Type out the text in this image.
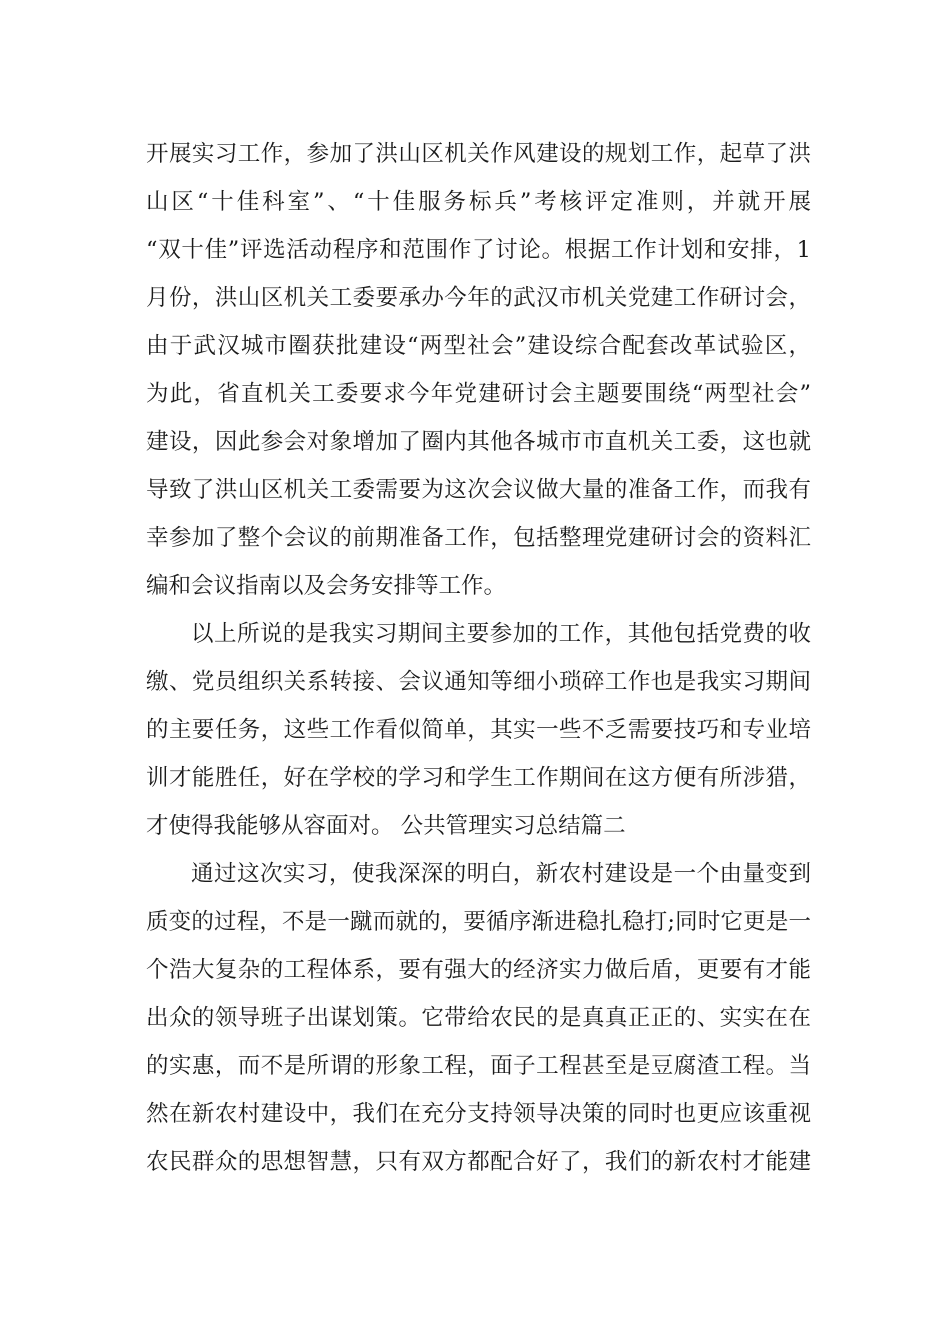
开展实习工作，参加了洪山区机关作风建设的规划工作，起草了洪
山区“十佳科室”、“十佳服务标兵”考核评定准则，并就开展
“双十佳”评选活动程序和范围作了讨论。根据工作计划和安排，1
月份，洪山区机关工委要承办今年的武汉市机关党建工作研讨会，
由于武汉城市圈获批建设“两型社会”建设综合配套改革试验区，
为此，省直机关工委要求今年党建研讨会主题要围绕“两型社会”
建设，因此参会对象增加了圈内其他各城市市直机关工委，这也就
导致了洪山区机关工委需要为这次会议做大量的准备工作，而我有
幸参加了整个会议的前期准备工作，包括整理党建研讨会的资料汇
编和会议指南以及会务安排等工作。
以上所说的是我实习期间主要参加的工作，其他包括党费的收
缴、党员组织关系转接、会议通知等细小琐碎工作也是我实习期间
的主要任务，这些工作看似简单，其实一些不乏需要技巧和专业培
训才能胜任，好在学校的学习和学生工作期间在这方便有所涉猎，
才使得我能够从容面对。 公共管理实习总结篇二
通过这次实习，使我深深的明白，新农村建设是一个由量变到
质变的过程，不是一蹴而就的，要循序渐进稳扎稳打;同时它更是一
个浩大复杂的工程体系，要有强大的经济实力做后盾，更要有才能
出众的领导班子出谋划策。它带给农民的是真真正正的、实实在在
的实惠，而不是所谓的形象工程，面子工程甚至是豆腐渣工程。当
然在新农村建设中，我们在充分支持领导决策的同时也更应该重视
农民群众的思想智慧，只有双方都配合好了，我们的新农村才能建
